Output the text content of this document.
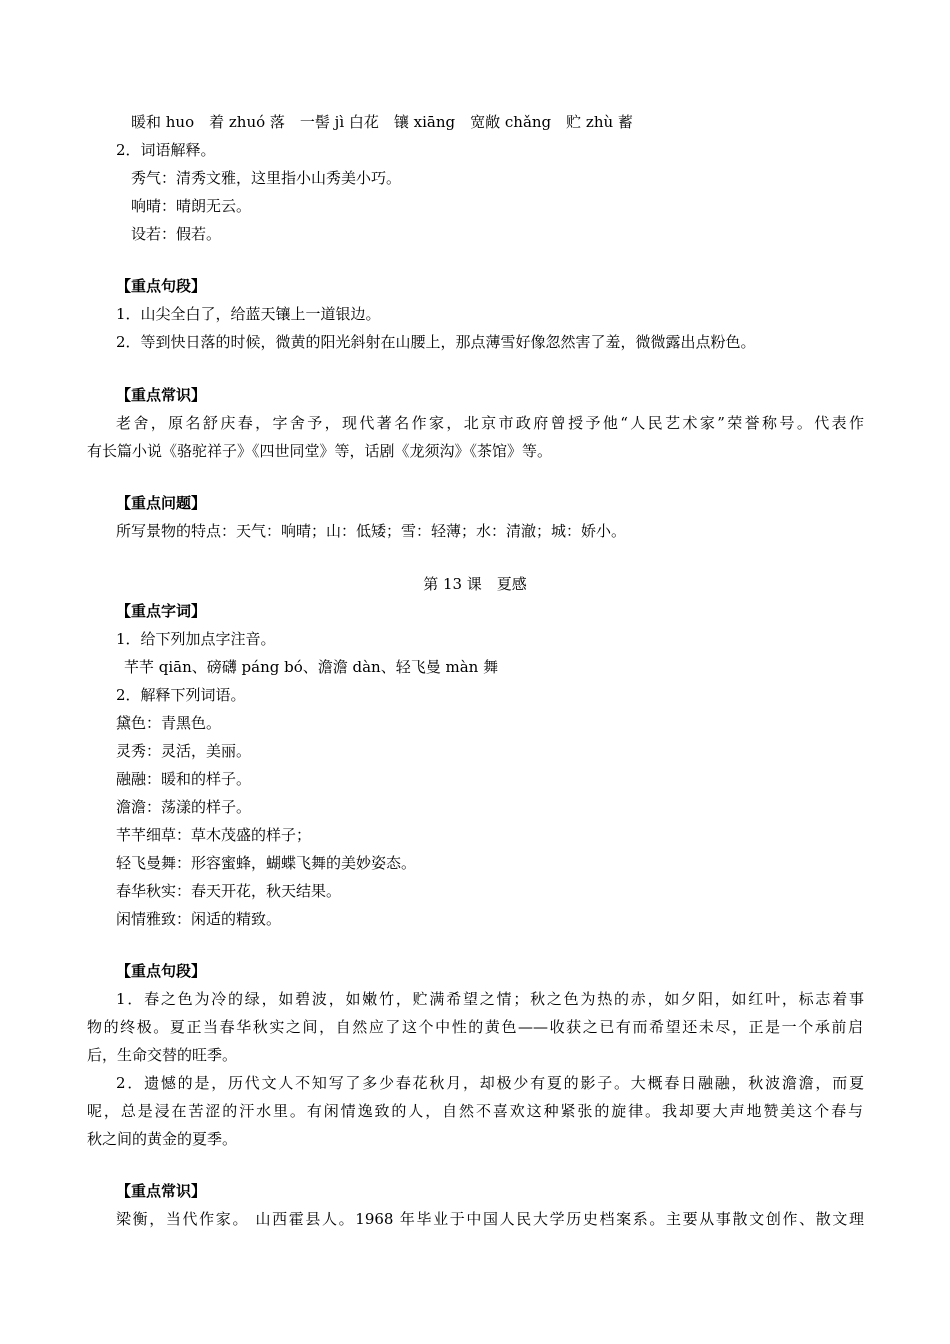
暖和 huo　着 zhuó 落　一髻 jì 白花　镶 xiāng　宽敞 chǎng　贮 zhù 蓄
2．词语解释。
秀气：清秀文雅，这里指小山秀美小巧。
响晴：晴朗无云。
设若：假若。
【重点句段】
1．山尖全白了，给蓝天镶上一道银边。
2．等到快日落的时候，微黄的阳光斜射在山腰上，那点薄雪好像忽然害了羞，微微露出点粉色。
【重点常识】
老舍，原名舒庆春，字舍予，现代著名作家，北京市政府曾授予他“人民艺术家”荣誉称号。代表作
有长篇小说《骆驼祥子》《四世同堂》等，话剧《龙须沟》《茶馆》等。
【重点问题】
所写景物的特点：天气：响晴；山：低矮；雪：轻薄；水：清澈；城：娇小。
第 13 课　夏感
【重点字词】
1．给下列加点字注音。
芊芊 qiān、磅礴 páng bó、澹澹 dàn、轻飞曼 màn 舞
2．解释下列词语。
黛色：青黑色。
灵秀：灵活，美丽。
融融：暖和的样子。
澹澹：荡漾的样子。
芊芊细草：草木茂盛的样子；
轻飞曼舞：形容蜜蜂，蝴蝶飞舞的美妙姿态。
春华秋实：春天开花，秋天结果。
闲情雅致：闲适的精致。
【重点句段】
1．春之色为冷的绿，如碧波，如嫩竹，贮满希望之情；秋之色为热的赤，如夕阳，如红叶，标志着事
物的终极。夏正当春华秋实之间，自然应了这个中性的黄色——收获之已有而希望还未尽，正是一个承前启
后，生命交替的旺季。
2．遗憾的是，历代文人不知写了多少春花秋月，却极少有夏的影子。大概春日融融，秋波澹澹，而夏
呢，总是浸在苦涩的汗水里。有闲情逸致的人，自然不喜欢这种紧张的旋律。我却要大声地赞美这个春与
秋之间的黄金的夏季。
【重点常识】
梁衡，当代作家。 山西霍县人。1968 年毕业于中国人民大学历史档案系。主要从事散文创作、散文理
